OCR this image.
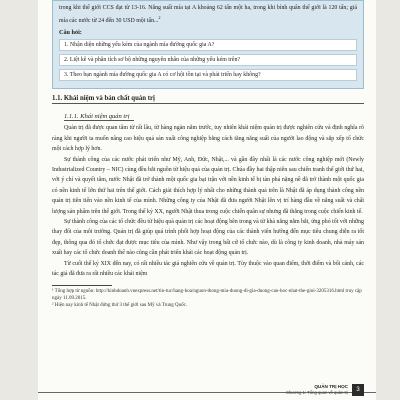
trong khi thế giới CCS đạt từ 13-16. Năng suất mía tại A khoảng 62 tấn một ha, trong khi bình quân thế giới là 120 tấn; giá mía các nước từ 24 đến 30 USD một tấn...$^2$

Câu hỏi:
1. Nhận diện những yếu kém của ngành mía đường quốc gia A?
2. Liệt kê và phân tích sơ bộ những nguyên nhân của những yếu kém trên?
3. Theo bạn ngành mía đường quốc gia A có cơ hội tồn tại và phát triển hay không?
1.1. Khái niệm và bản chất quản trị
1.1.1. Khái niệm quản trị

Quản trị đã được quan tâm từ rất lâu, từ hàng ngàn năm trước, tuy nhiên khái niệm quản trị được nghiên cứu và định nghĩa rõ ràng khi người ta muốn nâng cao hiệu quả sản xuất công nghiệp bằng cách tăng năng suất của người lao động và sắp xếp tổ chức một cách hợp lý hơn.

Sự thành công của các nước phát triển như Mỹ, Anh, Đức, Nhật,... và gần đây nhất là các nước công nghiệp mới (Newly Industrialized Country – NIC) cùng đều bắt nguồn từ hiệu quả của quản trị. Chúa đầy hai thập niên sau chiến tranh thế giới thứ hai, với ý chí và quyết tâm, nước Nhật đã trở thành một quốc gia bại trận với nền kinh tế bị tàn phá nặng nề đã trở thành một quốc gia có nền kinh tế lớn thứ hai trên thế giới. Cách giải thích hợp lý nhất cho những thành quả trên là Nhật đã áp dụng thành công nền quản trị tiên tiến vào nền kinh tế của mình. Những công ty của Nhật đã đưa người Nhật lên vị trí hàng đầu về năng suất và chất lượng sản phẩm trên thế giới. Trong thế kỷ XX, người Nhật thua trong cuộc chiến quân sự nhưng đã thắng trong cuộc chiến kinh tế.

Sự thành công của các tổ chức đều từ hiệu quả quản trị các hoạt động bên trong và từ khả năng nắm bắt, ứng phó tốt với những thay đổi của môi trường. Quản trị đã giúp quá trình phối hợp hoạt động của các thành viên hướng đến mục tiêu chung diễn ra tốt đẹp, thông qua đó tổ chức đạt được mục tiêu của mình. Như vậy trong bất cứ tổ chức nào, dù là công ty kinh doanh, nhà máy sản xuất hay các tổ chức doanh thể nào cũng cần phát triển khái các hoạt động quản trị.

Từ cuối thế kỷ XIX đến nay, có rất nhiều tác giả nghiên cứu về quản trị. Tùy thuộc vào quan điểm, thời điểm và bối cảnh, các tác giả đã đưa ra rất nhiều các khái niệm

¹ Tổng hợp từ nguồn: http://kinhdoanh.vnexpress.net/tin-tuc/hang-hoa/nguon-thong-mia-duong-di-gia-duong-cao-hoc-nhat-the-gioi-3205316.html truy cập ngày 11.09.2015.

² Hiện nay kinh tế Nhật đứng thứ 3 thế giới sau Mỹ và Trung Quốc.

QUẢN TRỊ HỌC
Chương 1: Tổng quan về quản trị	3
